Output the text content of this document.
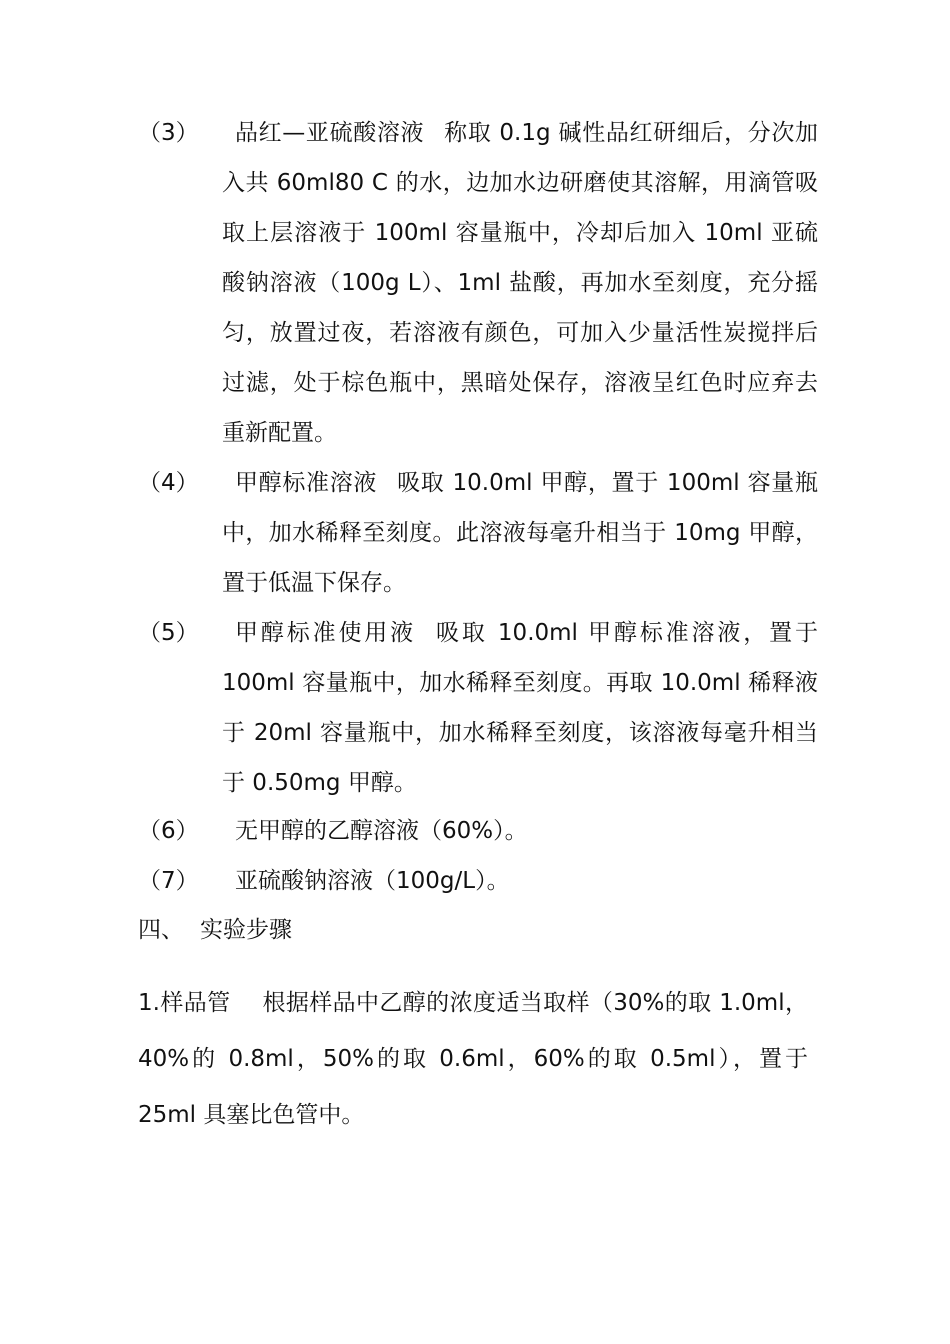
（3）	品红—亚硫酸溶液 称取 0.1g 碱性品红研细后，分次加入共 60ml80 C 的水，边加水边研磨使其溶解，用滴管吸取上层溶液于 100ml 容量瓶中，冷却后加入 10ml 亚硫酸钠溶液（100g L）、1ml 盐酸，再加水至刻度，充分摇匀，放置过夜，若溶液有颜色，可加入少量活性炭搅拌后过滤，处于棕色瓶中，黑暗处保存，溶液呈红色时应弃去重新配置。
（4）	甲醇标准溶液 吸取 10.0ml 甲醇，置于 100ml 容量瓶中，加水稀释至刻度。此溶液每毫升相当于 10mg 甲醇，置于低温下保存。
（5）	甲醇标准使用液 吸取 10.0ml 甲醇标准溶液，置于 100ml 容量瓶中，加水稀释至刻度。再取 10.0ml 稀释液于 20ml 容量瓶中，加水稀释至刻度，该溶液每毫升相当于 0.50mg 甲醇。
（6）	无甲醇的乙醇溶液（60%）。
（7）	亚硫酸钠溶液（100g/L）。
四、 实验步骤
1.样品管 根据样品中乙醇的浓度适当取样（30%的取 1.0ml，40%的 0.8ml，50%的取 0.6ml，60%的取 0.5ml），置于 25ml 具塞比色管中。
